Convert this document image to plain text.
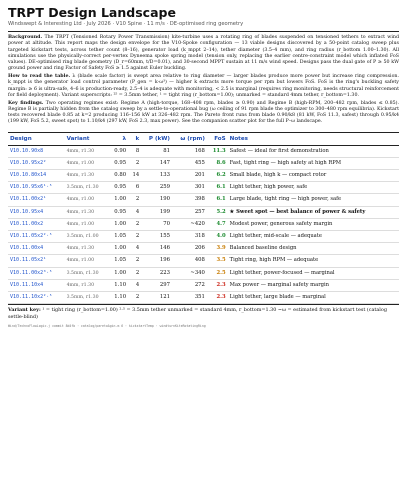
TRPT Design Landscape
Windswept & Interesting Ltd · July 2026 · V10 Spine · 11 m/s · DE-optimised ring geometry

Background. The TRPT (Tensioned Rotary Power Transmission) kite-turbine uses a rotating ring of blades suspended on tensioned tethers to extract wind power at altitude. This report maps the design envelope for the V10-Spoke configuration — 13 viable designs discovered by a 50-point catalog sweep plus targeted kickstart tests, across tether count (8–16), generator load (k_mppt 2–14), tether diameter (3.5–4 mm), and ring radius (r_bottom 1.00–1.30). All simulations use the physically-correct per-vertex Dyneema spoke spring model (tension only, replacing the earlier centre-constraint model which inflated FoS values). DE-optimised ring blade geometry (D_r=60mm, t/D=0.01), and 30-second MPPT sustain at 11 m/s wind speed. Designs pass the dual gate of P ≥ 50 kW ground power and ring Factor of Safety FoS ≥ 1.5 against Euler buckling.

How to read the table. λ (blade scale factor) is swept area relative to ring diameter — larger blades produce more power but increase ring compression. k_mppt is the generator load control parameter (P_gen = k·ω³) — higher k extracts more torque per rpm but lowers FoS. FoS is the ring's buckling safety margin: ≥ 6 is ultra-safe, 4–6 is production-ready, 2.5–4 is adequate with monitoring, < 2.5 is marginal (requires ring monitoring, needs structural reinforcement for field deployment). Variant superscripts: ²⁵ = 3.5mm tether, ¹ = tight ring (r_bottom=1.00); unmarked = standard 4mm tether, r_bottom=1.30.

Key findings. Two operating regimes exist: Regime A (high-torque, 168–408 rpm, blades ≥ 0.90) and Regime B (high-RPM, 200–482 rpm, blades ≤ 0.85). Regime B is partially hidden from the catalog sweep by a settle-to-operational bug (ω ceiling of 91 rpm blade the optimizer to 300–480 rpm equilibria). Kickstart tests recovered blade 0.85 at k=2 producing 116–156 kW at 326–482 rpm. The Pareto front runs from blade 0.90/k8 (81 kW, FoS 11.3, safest) through 0.95/k4 (199 kW, FoS 5.2, sweet spot) to 1.10/k4 (297 kW, FoS 2.3, max power). See the companion scatter plot for the full P–ω landscape.

Design	Variant	λ	k	P (kW)	ω (rpm)	FoS	Notes
V10.10.90x8	4mm, r1.30	0.90	8	81	168	11.3	Safest — ideal for first demonstration
V10.10.95x2²	4mm, r1.00	0.95	2	147	455	8.6	Fast, tight ring — high safety at high RPM
V10.10.80x14	4mm, r1.30	0.80	14	133	201	6.2	Small blade, high k — compact rotor
V10.10.95x6¹⋅⁵	3.5mm, r1.30	0.95	6	259	301	6.1	Light tether, high power, safe
V10.11.00x2¹	4mm, r1.00	1.00	2	190	398	6.1	Large blade, tight ring — high power, safe
V10.10.95x4	4mm, r1.30	0.95	4	199	257	5.2	★ Sweet spot — best balance of power & safety
V10.11.00x2	4mm, r1.00	1.00	2	70	~420	4.7	Modest power, generous safety margin
V10.11.05x2²⋅⁵	3.5mm, r1.00	1.05	2	155	318	4.0	Light tether, mid-scale — adequate
V10.11.00x4	4mm, r1.30	1.00	4	146	206	3.9	Balanced baseline design
V10.11.05x2¹	4mm, r1.00	1.05	2	196	408	3.5	Tight ring, high RPM — adequate
V10.11.00x2³⋅⁵	3.5mm, r1.30	1.00	2	223	~340	2.5	Light tether, power-focused — marginal
V10.11.10x4	4mm, r1.30	1.10	4	297	272	2.3	Max power — marginal safety margin
V10.11.10x2²⋅⁵	3.5mm, r1.30	1.10	2	121	351	2.3	Light tether, large blade — marginal
Variant key: ¹ = tight ring (r_bottom=1.00) ²⋅⁵ = 3.5mm tether unmarked = standard 4mm, r_bottom=1.30 ~ω = estimated from kickstart test (catalog settle-blind)
Wind/TechnoFlowLogic.j commit 8d4fb · catalog/paretoAgin.m 6 · kickstartTemp · windturnKiteRotatingRing
